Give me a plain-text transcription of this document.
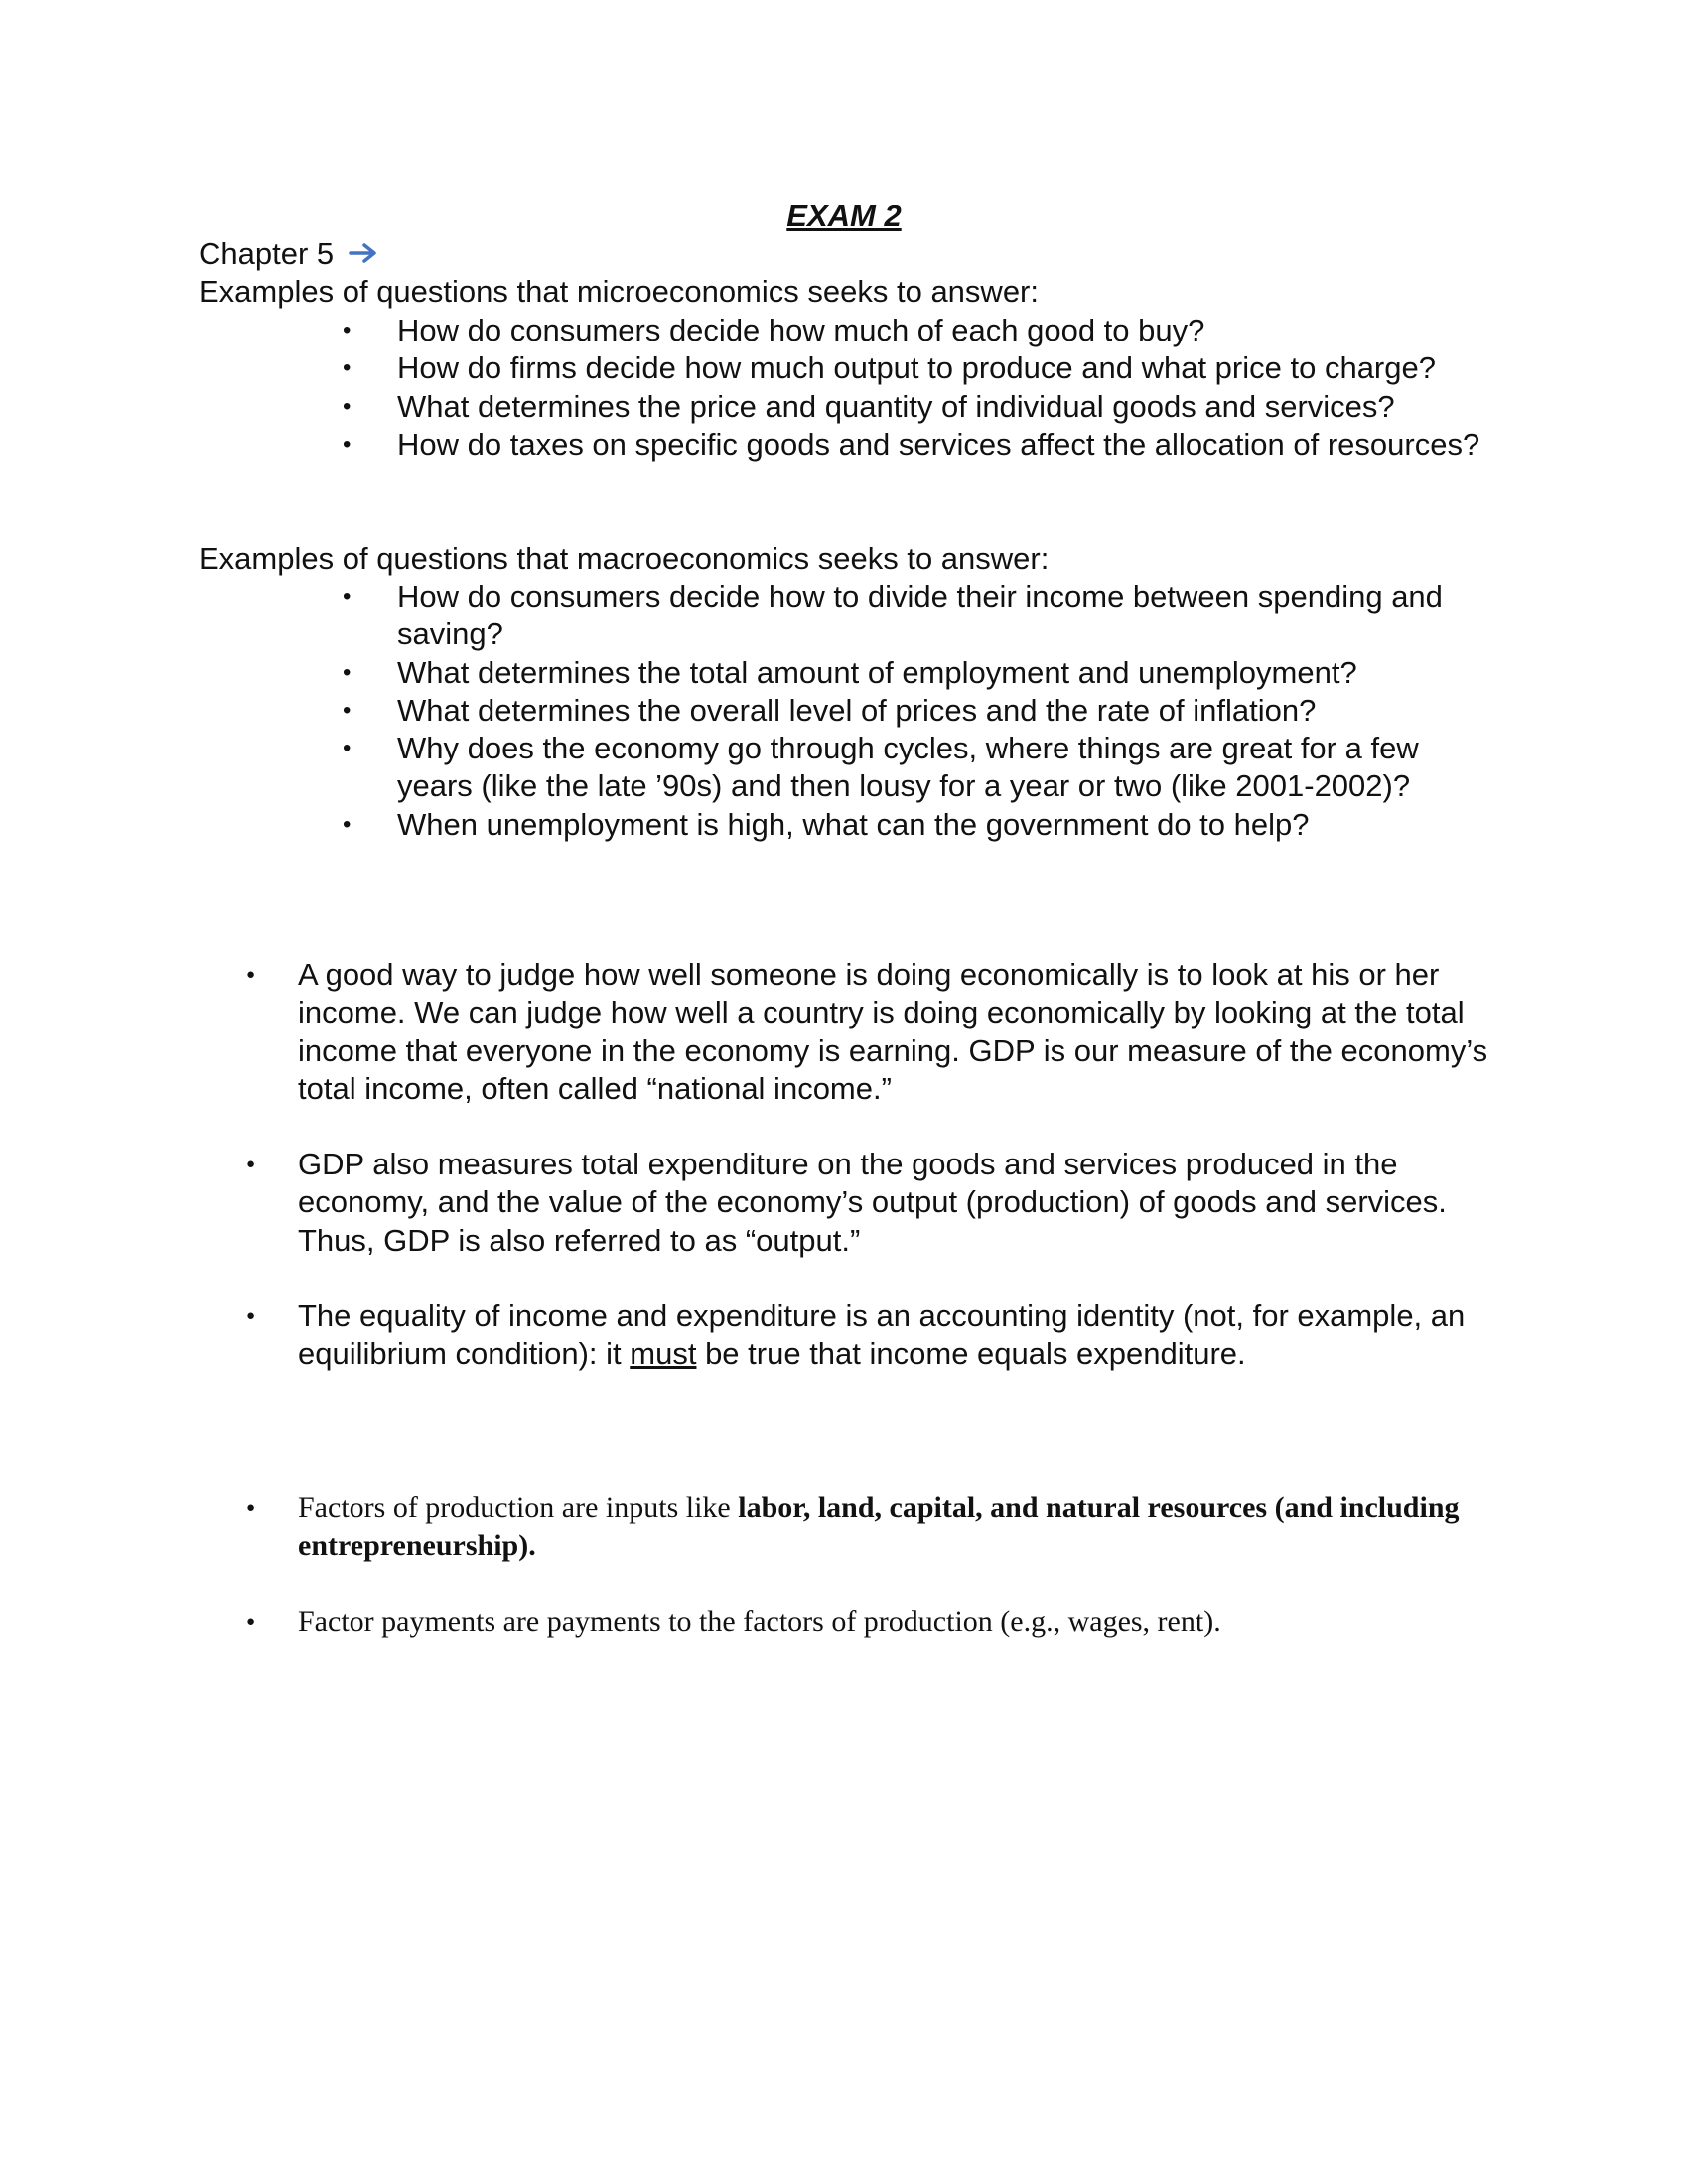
EXAM 2
Chapter 5
Examples of questions that microeconomics seeks to answer:
• How do consumers decide how much of each good to buy?
• How do firms decide how much output to produce and what price to charge?
• What determines the price and quantity of individual goods and services?
• How do taxes on specific goods and services affect the allocation of resources?
Examples of questions that macroeconomics seeks to answer:
• How do consumers decide how to divide their income between spending and saving?
• What determines the total amount of employment and unemployment?
• What determines the overall level of prices and the rate of inflation?
• Why does the economy go through cycles, where things are great for a few years (like the late ’90s) and then lousy for a year or two (like 2001-2002)?
• When unemployment is high, what can the government do to help?
● A good way to judge how well someone is doing economically is to look at his or her income. We can judge how well a country is doing economically by looking at the total income that everyone in the economy is earning. GDP is our measure of the economy’s total income, often called “national income.”
● GDP also measures total expenditure on the goods and services produced in the economy, and the value of the economy’s output (production) of goods and services. Thus, GDP is also referred to as “output.”
● The equality of income and expenditure is an accounting identity (not, for example, an equilibrium condition): it must be true that income equals expenditure.
● Factors of production are inputs like labor, land, capital, and natural resources (and including entrepreneurship).
● Factor payments are payments to the factors of production (e.g., wages, rent).
